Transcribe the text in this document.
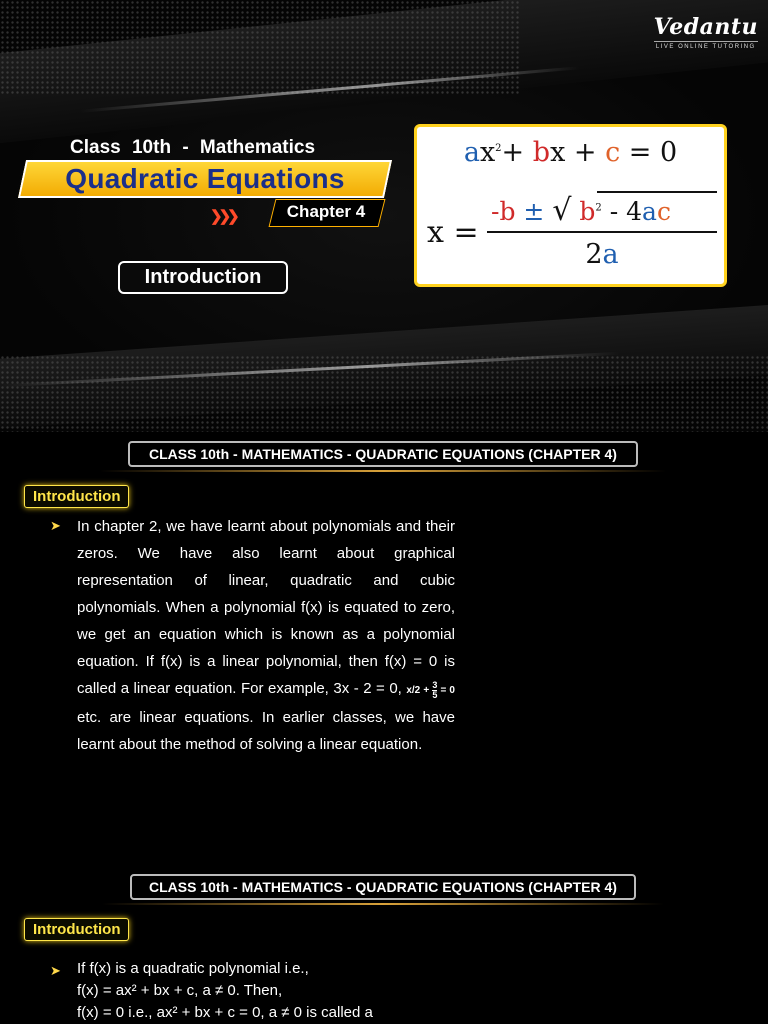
Vedantu
LIVE ONLINE TUTORING
Class 10th - Mathematics
Quadratic Equations
❯❯❯	Chapter 4
Introduction
$ax^2+$ bx + c = 0
x =
-b ± √ $b^2 - 4ac$
2a
CLASS 10th - MATHEMATICS - QUADRATIC EQUATIONS (CHAPTER 4)
Introduction
➤ In chapter 2, we have learnt about polynomials and their zeros. We have also learnt about graphical representation of linear, quadratic and cubic polynomials. When a polynomial f(x) is equated to zero, we get an equation which is known as a polynomial equation. If f(x) is a linear polynomial, then f(x) = 0 is called a linear equation. For example, 3x - 2 = 0, $x/2 + \frac{3}{5} = 0$ etc. are linear equations. In earlier classes, we have learnt about the method of solving a linear equation.
CLASS 10th - MATHEMATICS - QUADRATIC EQUATIONS (CHAPTER 4)
Introduction
➤ If f(x) is a quadratic polynomial i.e.,
f(x) = ax² + bx + c, a ≠ 0. Then,
f(x) = 0 i.e., ax² + bx + c = 0, a ≠ 0 is called a
